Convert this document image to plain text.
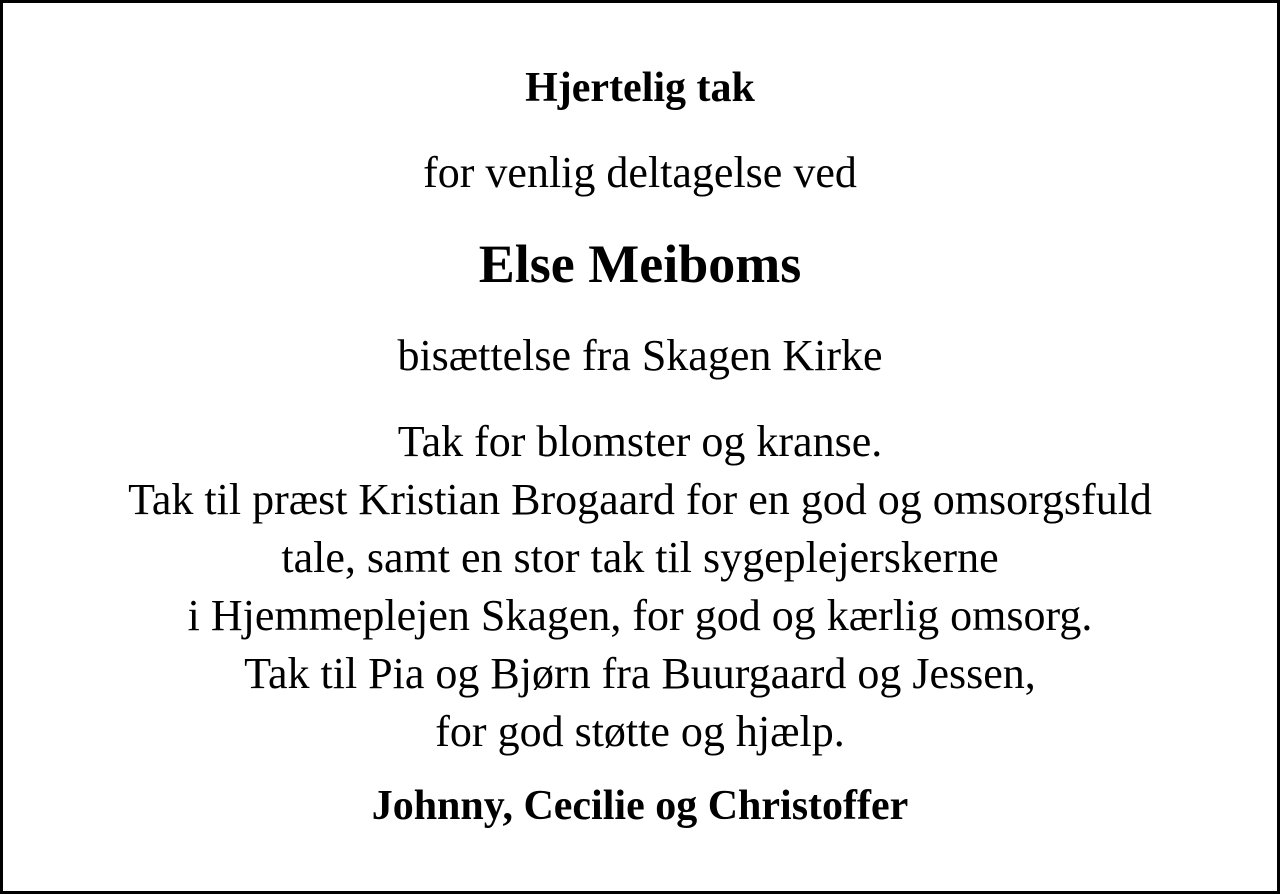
Hjertelig tak
for venlig deltagelse ved
Else Meiboms
bisættelse fra Skagen Kirke
Tak for blomster og kranse.
Tak til præst Kristian Brogaard for en god og omsorgsfuld
tale, samt en stor tak til sygeplejerskerne
i Hjemmeplejen Skagen, for god og kærlig omsorg.
Tak til Pia og Bjørn fra Buurgaard og Jessen,
for god støtte og hjælp.
Johnny, Cecilie og Christoffer
